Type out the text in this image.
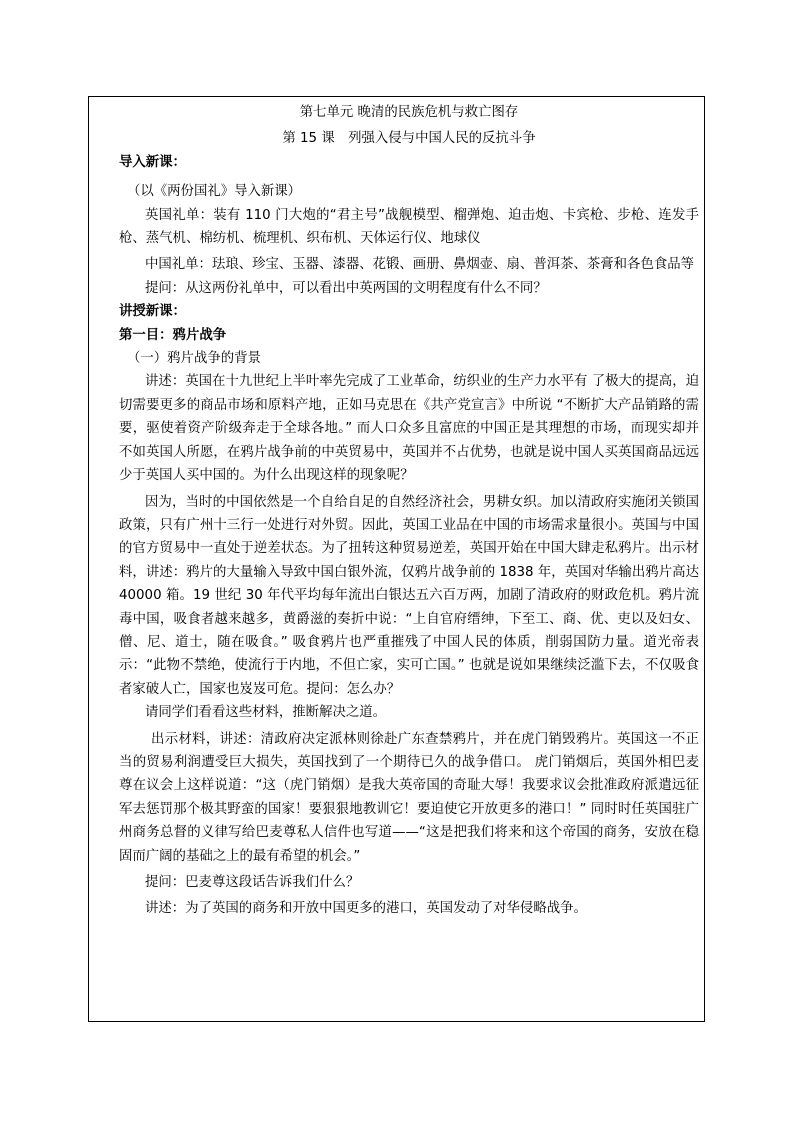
第七单元 晚清的民族危机与救亡图存

第 15 课　列强入侵与中国人民的反抗斗争

导入新课：

（以《两份国礼》导入新课）

英国礼单：装有 110 门大炮的“君主号”战舰模型、榴弹炮、迫击炮、卡宾枪、步枪、连发手枪、蒸气机、棉纺机、梳理机、织布机、天体运行仪、地球仪

中国礼单：珐琅、珍宝、玉器、漆器、花锻、画册、鼻烟壶、扇、普洱茶、茶膏和各色食品等

提问：从这两份礼单中，可以看出中英两国的文明程度有什么不同？

讲授新课：

第一目：鸦片战争

（一）鸦片战争的背景

讲述：英国在十九世纪上半叶率先完成了工业革命，纺织业的生产力水平有 了极大的提高，迫切需要更多的商品市场和原料产地，正如马克思在《共产党宣言》中所说 “不断扩大产品销路的需要，驱使着资产阶级奔走于全球各地。” 而人口众多且富庶的中国正是其理想的市场，而现实却并不如英国人所愿，在鸦片战争前的中英贸易中，英国并不占优势，也就是说中国人买英国商品远远少于英国人买中国的。为什么出现这样的现象呢？

因为，当时的中国依然是一个自给自足的自然经济社会，男耕女织。加以清政府实施闭关锁国政策，只有广州十三行一处进行对外贸。因此，英国工业品在中国的市场需求量很小。英国与中国的官方贸易中一直处于逆差状态。为了扭转这种贸易逆差，英国开始在中国大肆走私鸦片。出示材料，讲述：鸦片的大量输入导致中国白银外流，仅鸦片战争前的 1838 年，英国对华输出鸦片高达 40000 箱。19 世纪 30 年代平均每年流出白银达五六百万两，加剧了清政府的财政危机。鸦片流毒中国，吸食者越来越多，黄爵滋的奏折中说：“上自官府缙绅，下至工、商、优、吏以及妇女、僧、尼、道士，随在吸食。” 吸食鸦片也严重摧残了中国人民的体质，削弱国防力量。道光帝表示：“此物不禁绝，使流行于内地，不但亡家，实可亡国。” 也就是说如果继续泛滥下去，不仅吸食者家破人亡，国家也岌岌可危。提问：怎么办？

请同学们看看这些材料，推断解决之道。

出示材料，讲述：清政府决定派林则徐赴广东查禁鸦片，并在虎门销毁鸦片。英国这一不正当的贸易利润遭受巨大损失，英国找到了一个期待已久的战争借口。 虎门销烟后，英国外相巴麦尊在议会上这样说道：“这（虎门销烟）是我大英帝国的奇耻大辱！我要求议会批准政府派遣远征军去惩罚那个极其野蛮的国家！要狠狠地教训它！要迫使它开放更多的港口！” 同时时任英国驻广州商务总督的义律写给巴麦尊私人信件也写道——“这是把我们将来和这个帝国的商务，安放在稳固而广阔的基础之上的最有希望的机会。”

提问：巴麦尊这段话告诉我们什么？

讲述：为了英国的商务和开放中国更多的港口，英国发动了对华侵略战争。
